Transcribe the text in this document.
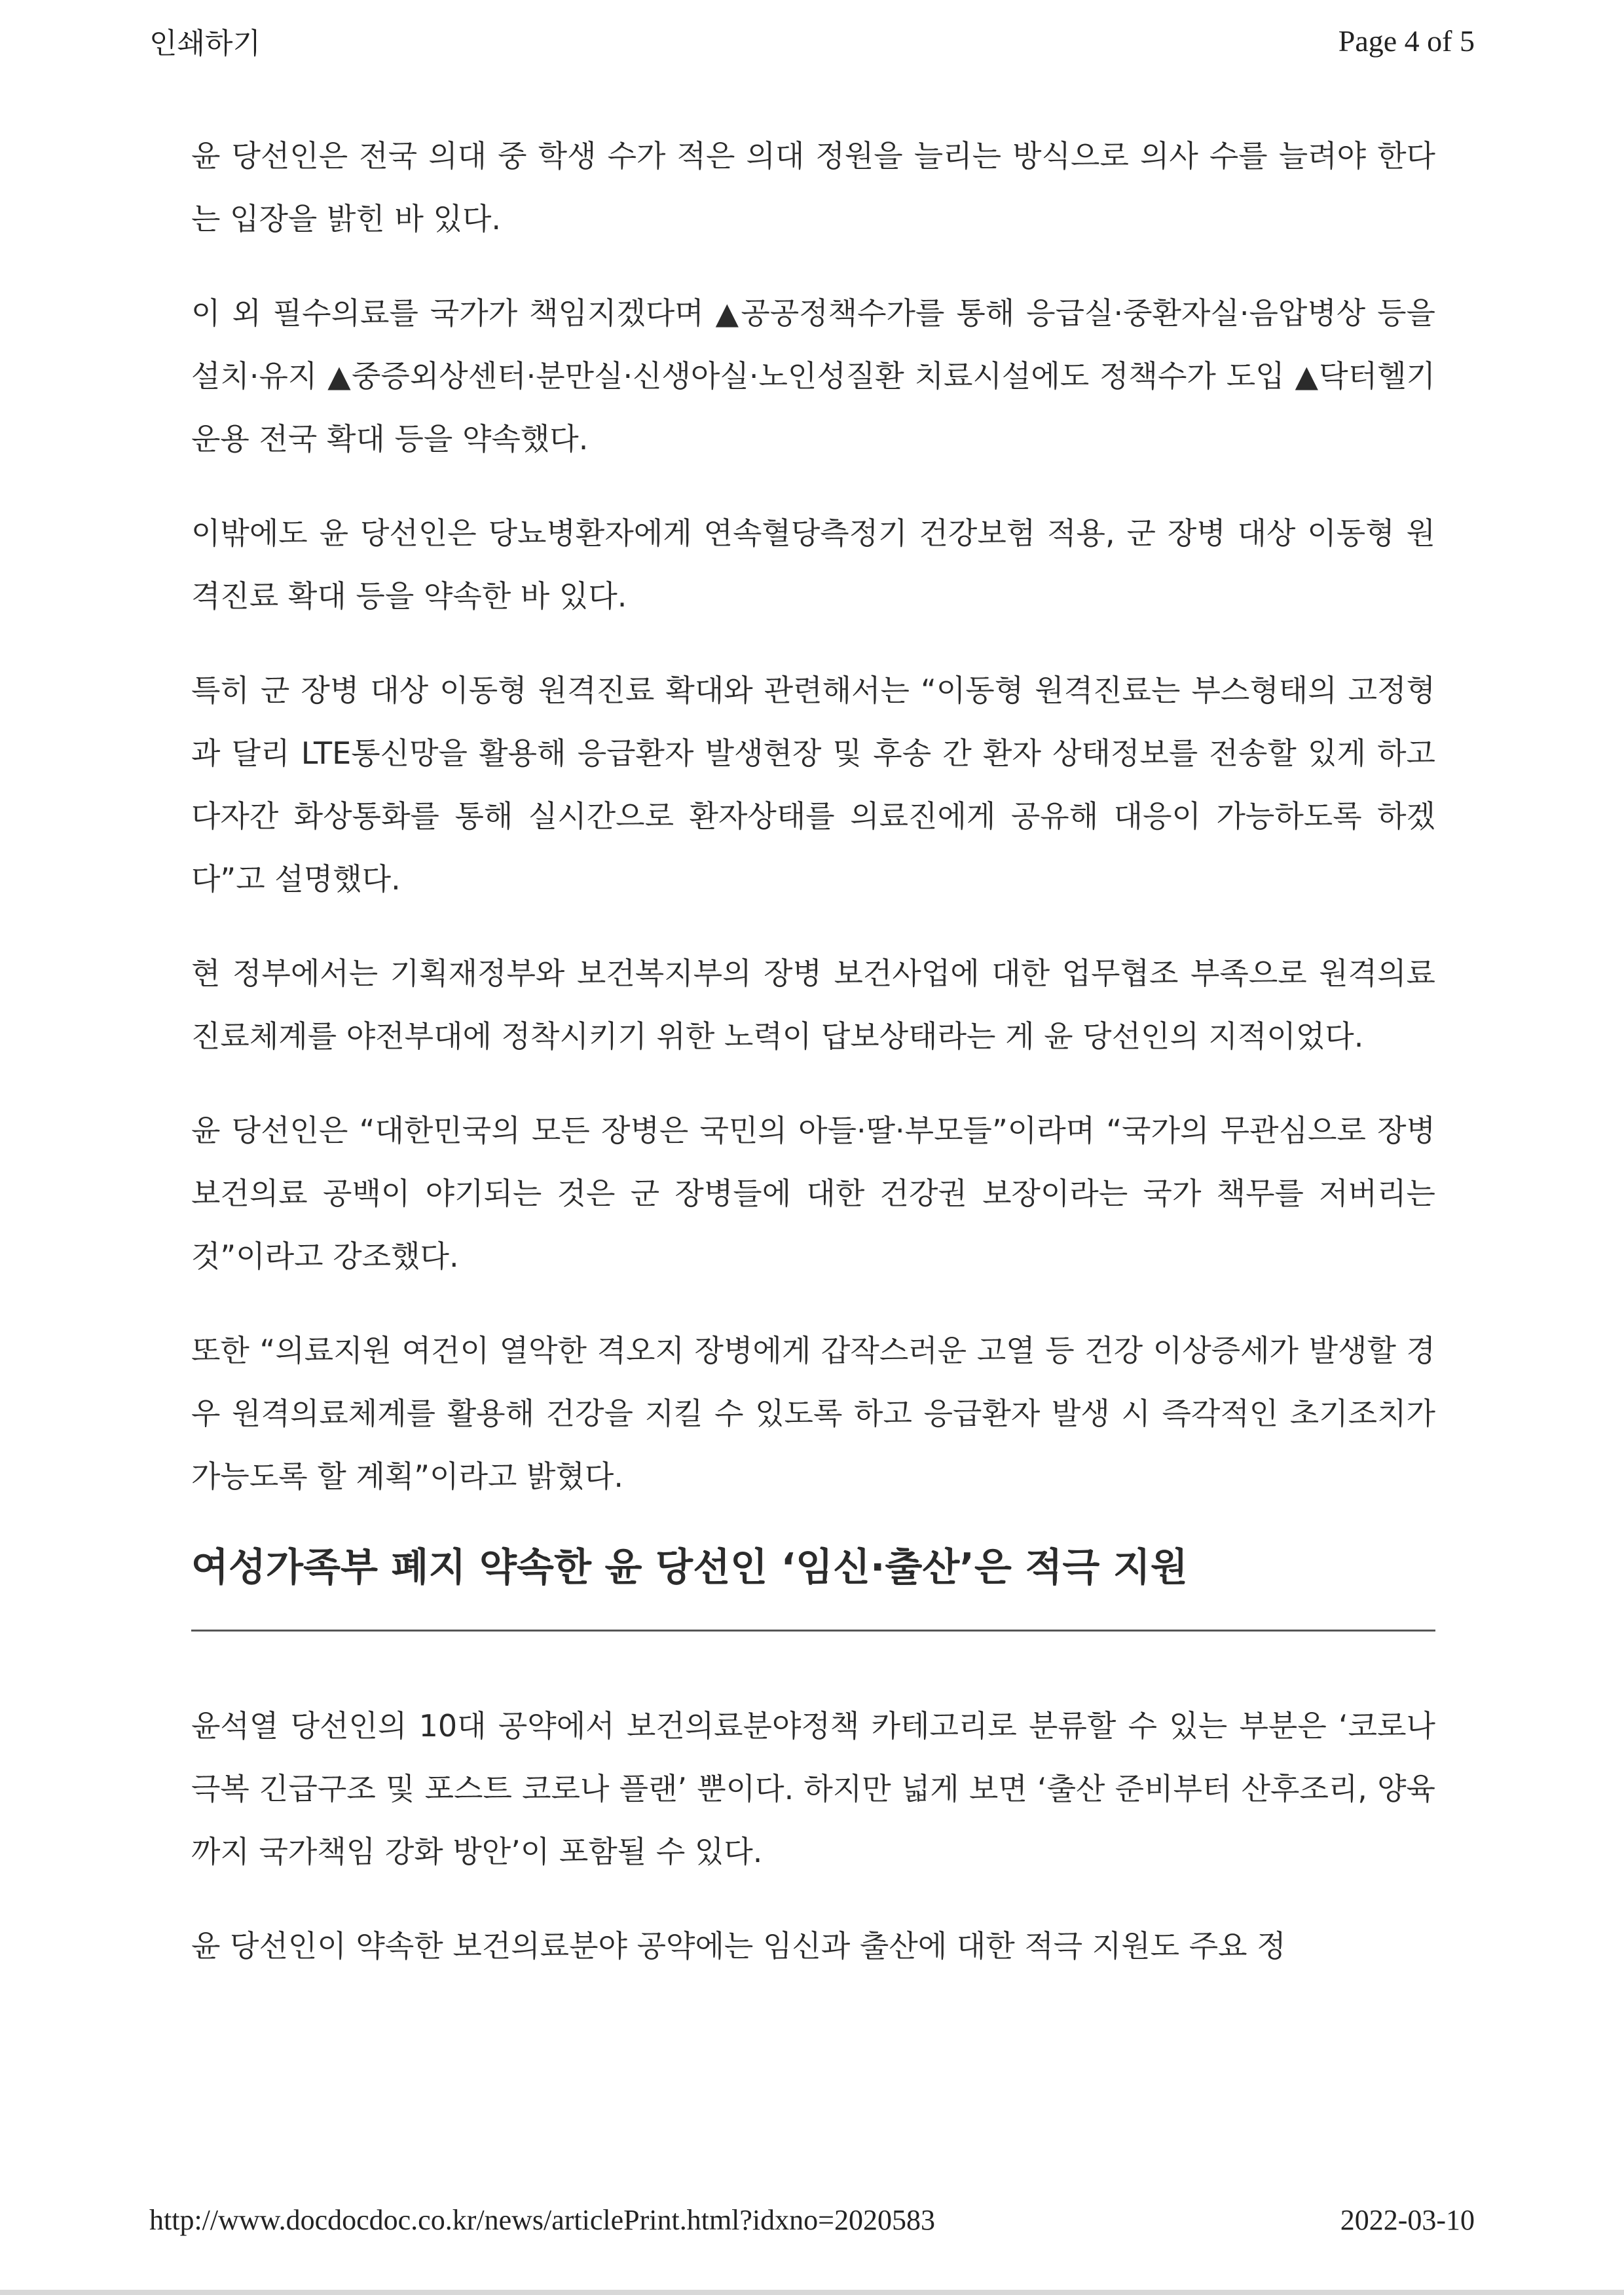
인쇄하기	Page 4 of 5

윤 당선인은 전국 의대 중 학생 수가 적은 의대 정원을 늘리는 방식으로 의사 수를 늘려야 한다는 입장을 밝힌 바 있다.

이 외 필수의료를 국가가 책임지겠다며 ▲공공정책수가를 통해 응급실·중환자실·음압병상 등을 설치·유지 ▲중증외상센터·분만실·신생아실·노인성질환 치료시설에도 정책수가 도입 ▲닥터헬기 운용 전국 확대 등을 약속했다.

이밖에도 윤 당선인은 당뇨병환자에게 연속혈당측정기 건강보험 적용, 군 장병 대상 이동형 원격진료 확대 등을 약속한 바 있다.

특히 군 장병 대상 이동형 원격진료 확대와 관련해서는 “이동형 원격진료는 부스형태의 고정형과 달리 LTE통신망을 활용해 응급환자 발생현장 및 후송 간 환자 상태정보를 전송할 있게 하고 다자간 화상통화를 통해 실시간으로 환자상태를 의료진에게 공유해 대응이 가능하도록 하겠다”고 설명했다.

현 정부에서는 기획재정부와 보건복지부의 장병 보건사업에 대한 업무협조 부족으로 원격의료 진료체계를 야전부대에 정착시키기 위한 노력이 답보상태라는 게 윤 당선인의 지적이었다.

윤 당선인은 “대한민국의 모든 장병은 국민의 아들·딸·부모들”이라며 “국가의 무관심으로 장병 보건의료 공백이 야기되는 것은 군 장병들에 대한 건강권 보장이라는 국가 책무를 저버리는 것”이라고 강조했다.

또한 “의료지원 여건이 열악한 격오지 장병에게 갑작스러운 고열 등 건강 이상증세가 발생할 경우 원격의료체계를 활용해 건강을 지킬 수 있도록 하고 응급환자 발생 시 즉각적인 초기조치가 가능도록 할 계획”이라고 밝혔다.

여성가족부 폐지 약속한 윤 당선인 ‘임신·출산’은 적극 지원

윤석열 당선인의 10대 공약에서 보건의료분야정책 카테고리로 분류할 수 있는 부분은 ‘코로나 극복 긴급구조 및 포스트 코로나 플랜’ 뿐이다. 하지만 넓게 보면 ‘출산 준비부터 산후조리, 양육까지 국가책임 강화 방안’이 포함될 수 있다.

윤 당선인이 약속한 보건의료분야 공약에는 임신과 출산에 대한 적극 지원도 주요 정

http://www.docdocdoc.co.kr/news/articlePrint.html?idxno=2020583	2022-03-10
